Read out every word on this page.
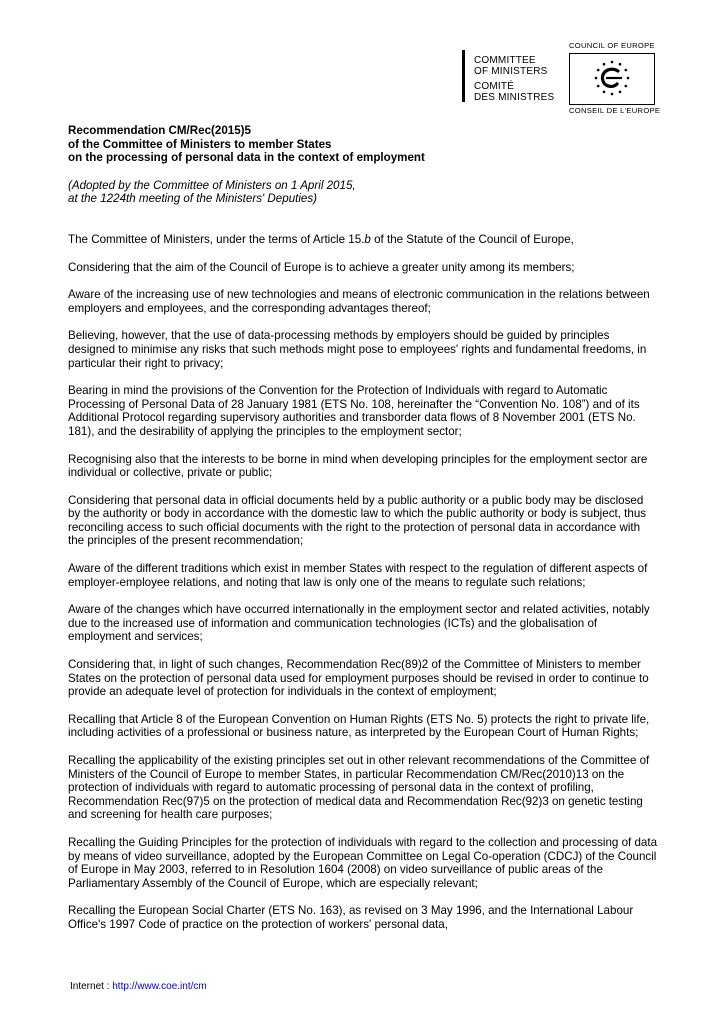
COMMITTEE
OF MINISTERS
COMITÉ
DES MINISTRES
COUNCIL OF EUROPE
CONSEIL DE L'EUROPE
Recommendation CM/Rec(2015)5
of the Committee of Ministers to member States
on the processing of personal data in the context of employment
(Adopted by the Committee of Ministers on 1 April 2015,
at the 1224th meeting of the Ministers' Deputies)

The Committee of Ministers, under the terms of Article 15.b of the Statute of the Council of Europe,

Considering that the aim of the Council of Europe is to achieve a greater unity among its members;

Aware of the increasing use of new technologies and means of electronic communication in the relations between employers and employees, and the corresponding advantages thereof;

Believing, however, that the use of data-processing methods by employers should be guided by principles designed to minimise any risks that such methods might pose to employees' rights and fundamental freedoms, in particular their right to privacy;

Bearing in mind the provisions of the Convention for the Protection of Individuals with regard to Automatic Processing of Personal Data of 28 January 1981 (ETS No. 108, hereinafter the “Convention No. 108”) and of its Additional Protocol regarding supervisory authorities and transborder data flows of 8 November 2001 (ETS No. 181), and the desirability of applying the principles to the employment sector;

Recognising also that the interests to be borne in mind when developing principles for the employment sector are individual or collective, private or public;

Considering that personal data in official documents held by a public authority or a public body may be disclosed by the authority or body in accordance with the domestic law to which the public authority or body is subject, thus reconciling access to such official documents with the right to the protection of personal data in accordance with the principles of the present recommendation;

Aware of the different traditions which exist in member States with respect to the regulation of different aspects of employer-employee relations, and noting that law is only one of the means to regulate such relations;

Aware of the changes which have occurred internationally in the employment sector and related activities, notably due to the increased use of information and communication technologies (ICTs) and the globalisation of employment and services;

Considering that, in light of such changes, Recommendation Rec(89)2 of the Committee of Ministers to member States on the protection of personal data used for employment purposes should be revised in order to continue to provide an adequate level of protection for individuals in the context of employment;

Recalling that Article 8 of the European Convention on Human Rights (ETS No. 5) protects the right to private life, including activities of a professional or business nature, as interpreted by the European Court of Human Rights;

Recalling the applicability of the existing principles set out in other relevant recommendations of the Committee of Ministers of the Council of Europe to member States, in particular Recommendation CM/Rec(2010)13 on the protection of individuals with regard to automatic processing of personal data in the context of profiling, Recommendation Rec(97)5 on the protection of medical data and Recommendation Rec(92)3 on genetic testing and screening for health care purposes;

Recalling the Guiding Principles for the protection of individuals with regard to the collection and processing of data by means of video surveillance, adopted by the European Committee on Legal Co-operation (CDCJ) of the Council of Europe in May 2003, referred to in Resolution 1604 (2008) on video surveillance of public areas of the Parliamentary Assembly of the Council of Europe, which are especially relevant;

Recalling the European Social Charter (ETS No. 163), as revised on 3 May 1996, and the International Labour Office's 1997 Code of practice on the protection of workers' personal data,

Internet : http://www.coe.int/cm
